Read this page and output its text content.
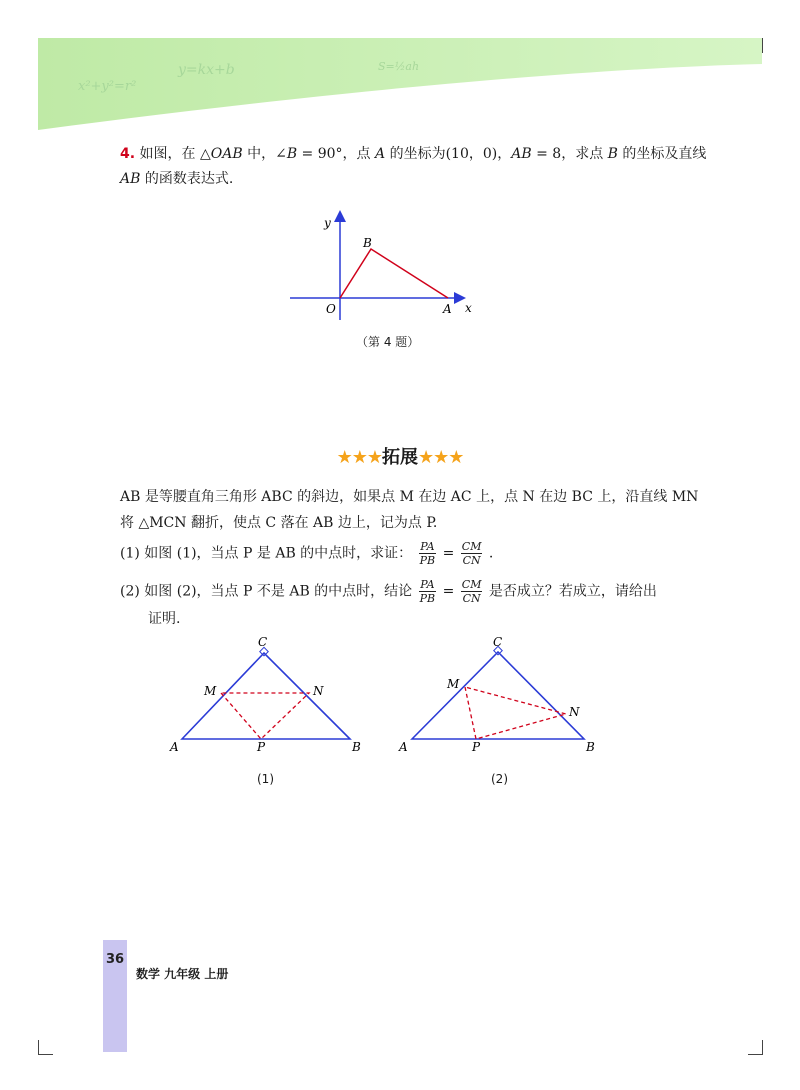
x²+y²=r²
y=kx+b	S=½ah
4. 如图，在 △OAB 中，∠B = 90°，点 A 的坐标为(10，0)，AB = 8，求点 B 的坐标及直线
AB 的函数表达式.
y
x
O	A
B
（第 4 题）
★★★拓展★★★
AB 是等腰直角三角形 ABC 的斜边，如果点 M 在边 AC 上，点 N 在边 BC 上，沿直线 MN
将 △MCN 翻折，使点 C 落在 AB 边上，记为点 P.
(1) 如图 (1)，当点 P 是 AB 的中点时，求证： $\frac{PA}{PB} = \frac{CM}{CN}$ .
(2) 如图 (2)，当点 P 不是 AB 的中点时，结论 $\frac{PA}{PB} = \frac{CM}{CN}$ 是否成立？若成立，请给出
证明.
C
M	N
A	P	B
(1)
C
M
N
A	P	B
(2)
36
数学 九年级 上册
